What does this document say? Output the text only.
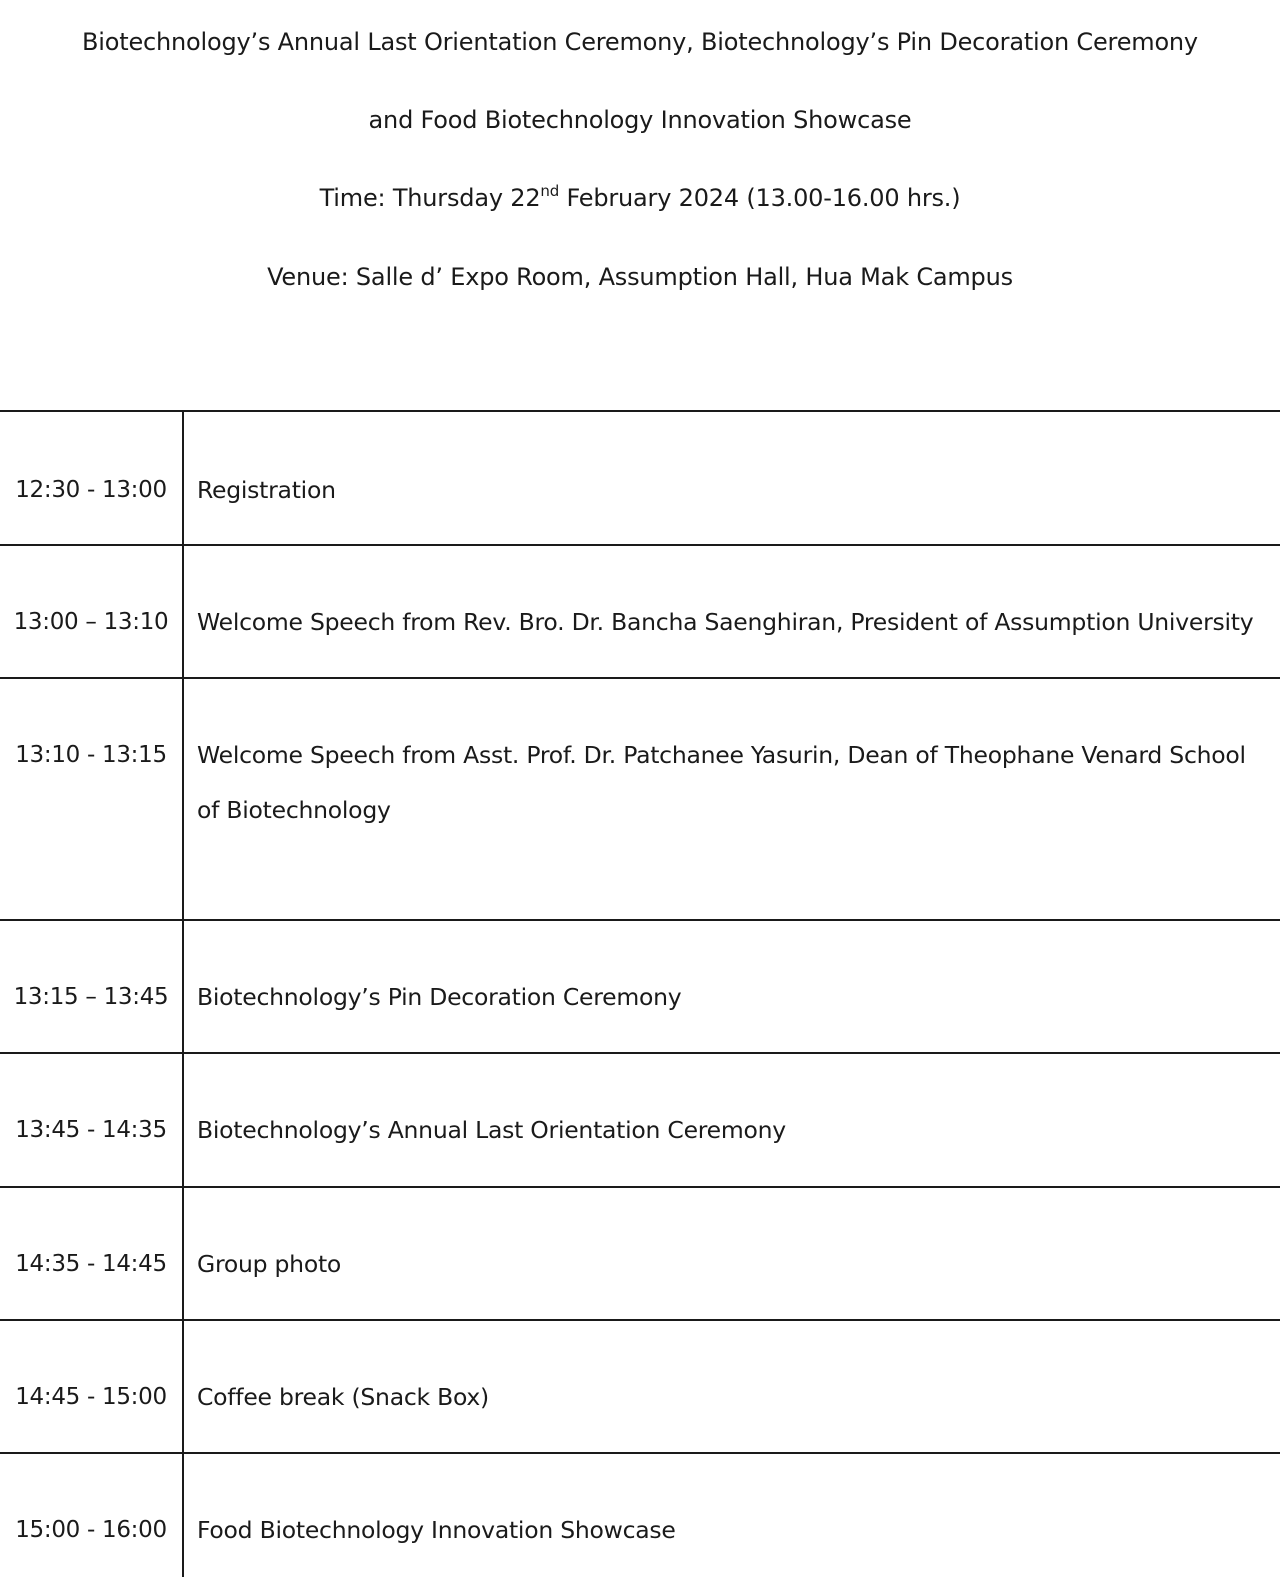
Biotechnology’s Annual Last Orientation Ceremony, Biotechnology’s Pin Decoration Ceremony
and Food Biotechnology Innovation Showcase
Time: Thursday 22nd February 2024 (13.00-16.00 hrs.)
Venue: Salle d’ Expo Room, Assumption Hall, Hua Mak Campus
12:30 - 13:00	Registration
13:00 – 13:10	Welcome Speech from Rev. Bro. Dr. Bancha Saenghiran, President of Assumption University
13:10 - 13:15	Welcome Speech from Asst. Prof. Dr. Patchanee Yasurin, Dean of Theophane Venard School
of Biotechnology
13:15 – 13:45	Biotechnology’s Pin Decoration Ceremony
13:45 - 14:35	Biotechnology’s Annual Last Orientation Ceremony
14:35 - 14:45	Group photo
14:45 - 15:00	Coffee break (Snack Box)
15:00 - 16:00	Food Biotechnology Innovation Showcase
